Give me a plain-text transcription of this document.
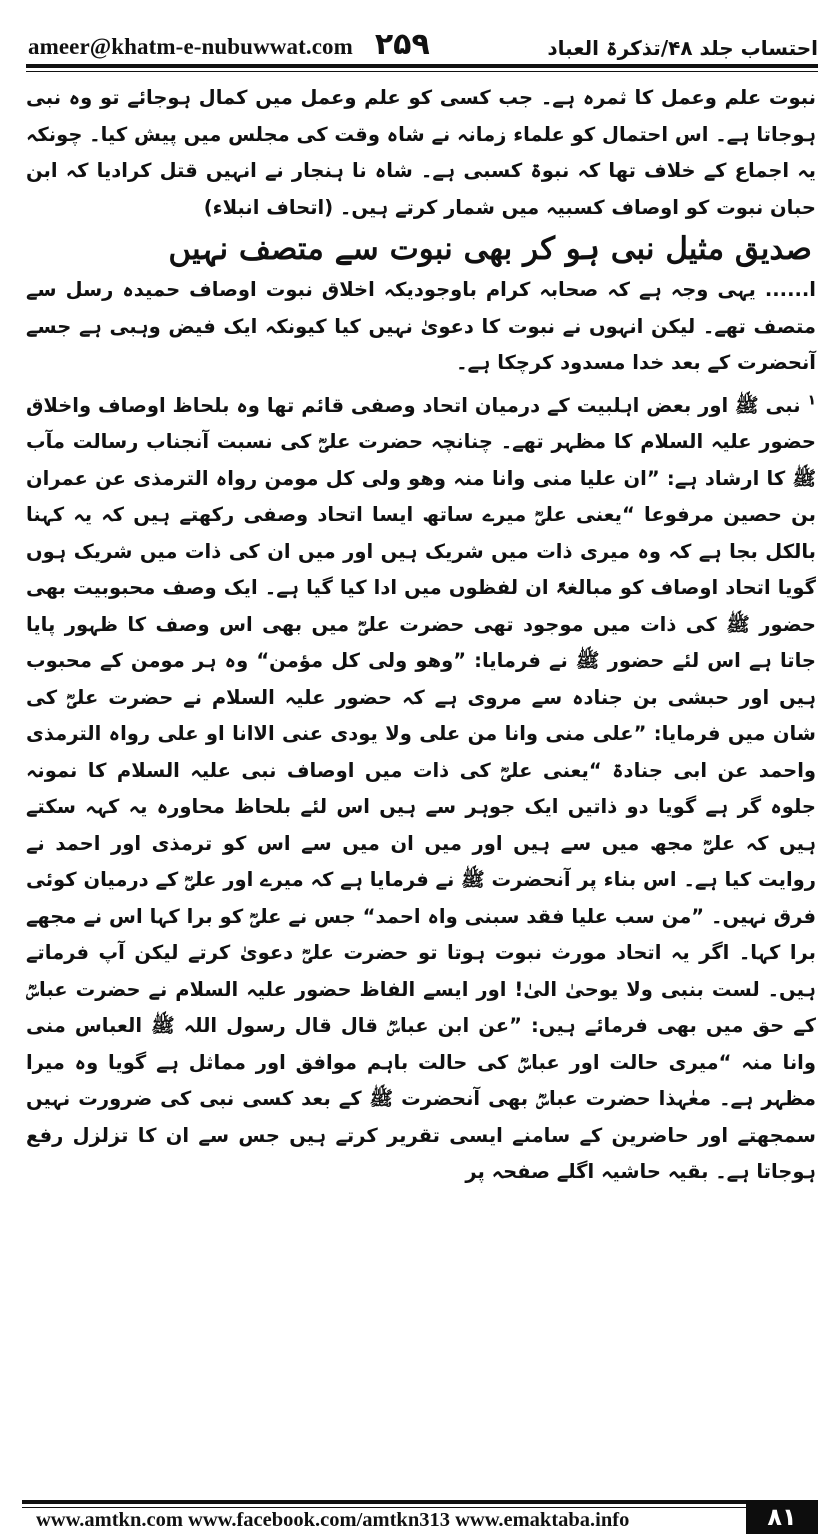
ameer@khatm-e-nubuwwat.com ۲۵۹	احتساب جلد ۴۸/تذکرۃ العباد

نبوت علم وعمل کا ثمرہ ہے۔ جب کسی کو علم وعمل میں کمال ہوجائے تو وہ نبی ہوجاتا ہے۔ اس احتمال کو علماء زمانہ نے شاہ وقت کی مجلس میں پیش کیا۔ چونکہ یہ اجماع کے خلاف تھا کہ نبوۃ کسبی ہے۔ شاہ نا ہنجار نے انہیں قتل کرادیا کہ ابن حبان نبوت کو اوصاف کسبیہ میں شمار کرتے ہیں۔ (اتحاف انبلاء)

صدیق مثیل نبی ہو کر بھی نبوت سے متصف نہیں

ا...... یہی وجہ ہے کہ صحابہ کرام باوجودیکہ اخلاق نبوت اوصاف حمیدہ رسل سے متصف تھے۔ لیکن انہوں نے نبوت کا دعویٰ نہیں کیا کیونکہ ایک فیض وہبی ہے جسے آنحضرت کے بعد خدا مسدود کرچکا ہے۔

$^۱$ نبی ﷺ اور بعض اہلبیت کے درمیان اتحاد وصفی قائم تھا وہ بلحاظ اوصاف واخلاق حضور علیہ السلام کا مظہر تھے۔ چنانچہ حضرت علیؓ کی نسبت آنجناب رسالت مآب ﷺ کا ارشاد ہے: ”ان علیا منی وانا منہ وھو ولی کل مومن رواہ الترمذی عن عمران بن حصین مرفوعا “یعنی علیؓ میرے ساتھ ایسا اتحاد وصفی رکھتے ہیں کہ یہ کہنا بالکل بجا ہے کہ وہ میری ذات میں شریک ہیں اور میں ان کی ذات میں شریک ہوں گویا اتحاد اوصاف کو مبالغۃً ان لفظوں میں ادا کیا گیا ہے۔ ایک وصف محبوبیت بھی حضور ﷺ کی ذات میں موجود تھی حضرت علیؓ میں بھی اس وصف کا ظہور پایا جاتا ہے اس لئے حضور ﷺ نے فرمایا: ”وھو ولی کل مؤمن“ وہ ہر مومن کے محبوب ہیں اور حبشی بن جنادہ سے مروی ہے کہ حضور علیہ السلام نے حضرت علیؓ کی شان میں فرمایا: ”علی منی وانا من علی ولا یودی عنی الاانا او علی رواہ الترمذی واحمد عن ابی جنادۃ “یعنی علیؓ کی ذات میں اوصاف نبی علیہ السلام کا نمونہ جلوہ گر ہے گویا دو ذاتیں ایک جوہر سے ہیں اس لئے بلحاظ محاورہ یہ کہہ سکتے ہیں کہ علیؓ مجھ میں سے ہیں اور میں ان میں سے اس کو ترمذی اور احمد نے روایت کیا ہے۔ اس بناء پر آنحضرت ﷺ نے فرمایا ہے کہ میرے اور علیؓ کے درمیان کوئی فرق نہیں۔ ”من سب علیا فقد سبنی واہ احمد“ جس نے علیؓ کو برا کہا اس نے مجھے برا کہا۔ اگر یہ اتحاد مورث نبوت ہوتا تو حضرت علیؓ دعویٰ کرتے لیکن آپ فرماتے ہیں۔ لست بنبی ولا یوحیٰ الیٰ! اور ایسے الفاظ حضور علیہ السلام نے حضرت عباسؓ کے حق میں بھی فرمائے ہیں: ”عن ابن عباسؓ قال قال رسول اللہ ﷺ العباس منی وانا منہ “میری حالت اور عباسؓ کی حالت باہم موافق اور مماثل ہے گویا وہ میرا مظہر ہے۔ معٰہذا حضرت عباسؓ بھی آنحضرت ﷺ کے بعد کسی نبی کی ضرورت نہیں سمجھتے اور حاضرین کے سامنے ایسی تقریر کرتے ہیں جس سے ان کا تزلزل رفع ہوجاتا ہے۔ بقیہ حاشیہ اگلے صفحہ پر

www.amtkn.com www.facebook.com/amtkn313 www.emaktaba.info	۸۱
